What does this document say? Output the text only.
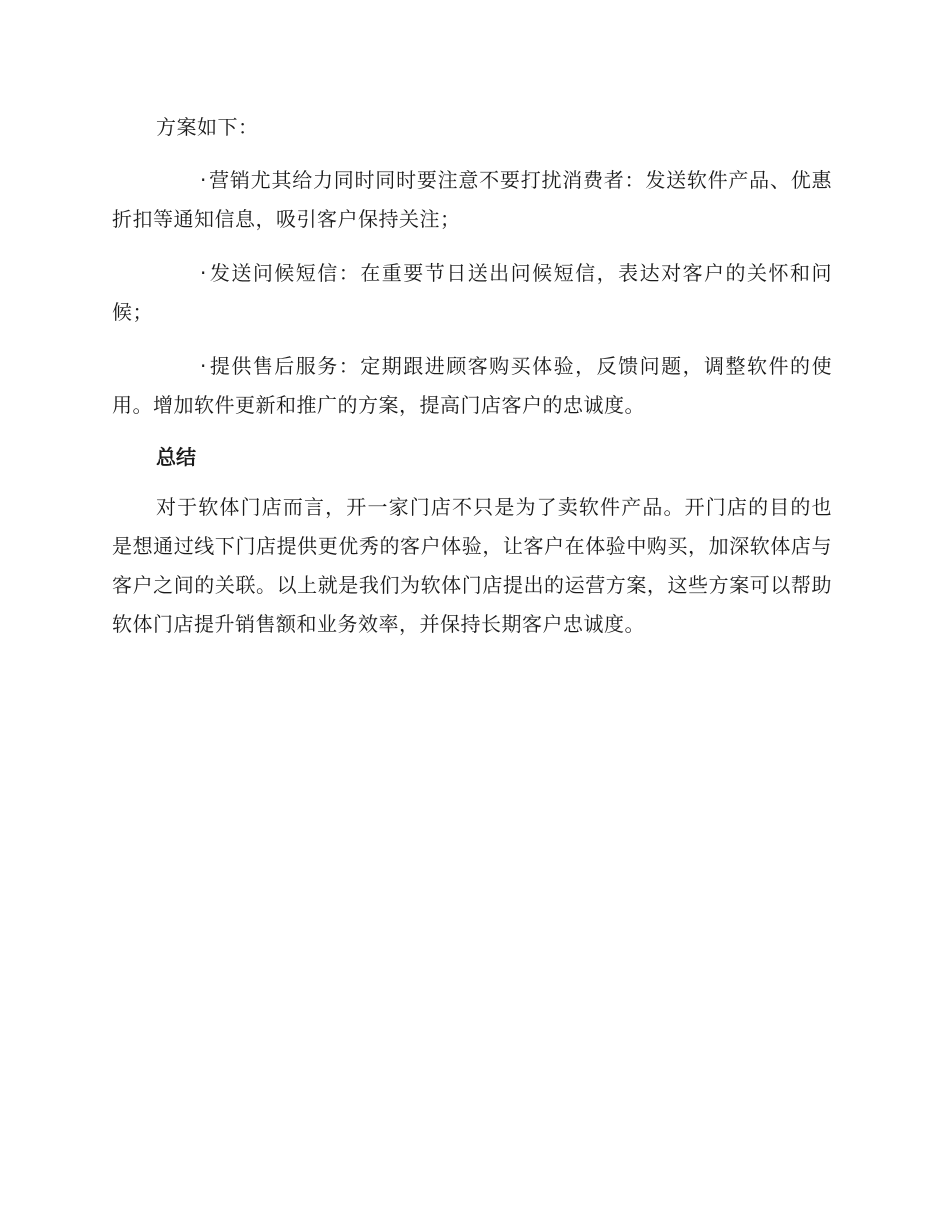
方案如下：

· 营销尤其给力同时同时要注意不要打扰消费者：发送软件产品、优惠折扣等通知信息，吸引客户保持关注；

· 发送问候短信：在重要节日送出问候短信，表达对客户的关怀和问候；

· 提供售后服务：定期跟进顾客购买体验，反馈问题，调整软件的使用。增加软件更新和推广的方案，提高门店客户的忠诚度。

总结

对于软体门店而言，开一家门店不只是为了卖软件产品。开门店的目的也是想通过线下门店提供更优秀的客户体验，让客户在体验中购买，加深软体店与客户之间的关联。以上就是我们为软体门店提出的运营方案，这些方案可以帮助软体门店提升销售额和业务效率，并保持长期客户忠诚度。
